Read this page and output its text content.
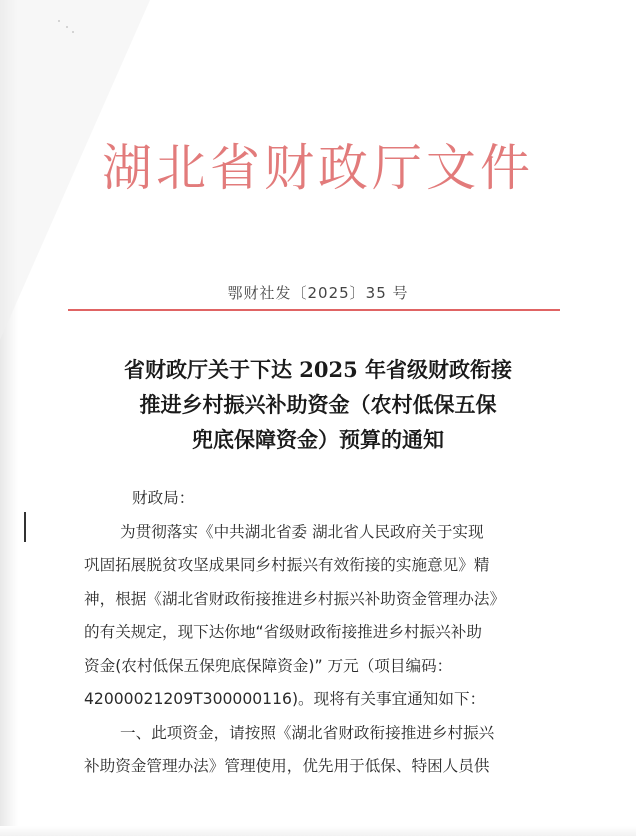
湖北省财政厅文件
鄂财社发〔2025〕35 号
省财政厅关于下达 2025 年省级财政衔接
推进乡村振兴补助资金（农村低保五保
兜底保障资金）预算的通知
财政局：
为贯彻落实《中共湖北省委 湖北省人民政府关于实现
巩固拓展脱贫攻坚成果同乡村振兴有效衔接的实施意见》精
神，根据《湖北省财政衔接推进乡村振兴补助资金管理办法》
的有关规定，现下达你地“省级财政衔接推进乡村振兴补助
资金(农村低保五保兜底保障资金)” 万元（项目编码：
42000021209T300000116)。现将有关事宜通知如下：
一、此项资金，请按照《湖北省财政衔接推进乡村振兴
补助资金管理办法》管理使用，优先用于低保、特困人员供
